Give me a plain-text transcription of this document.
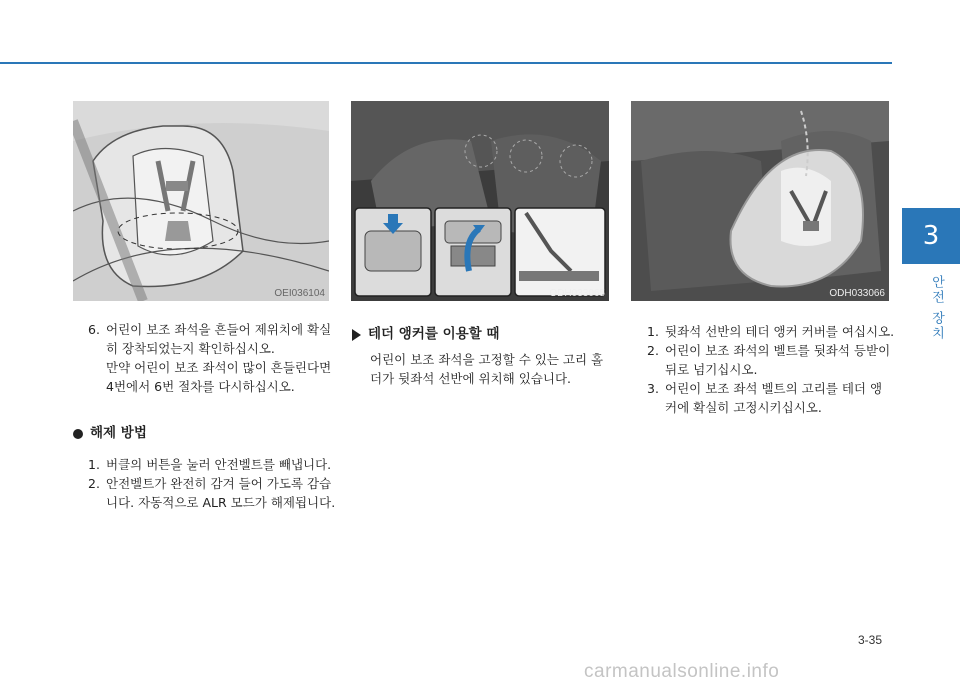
3
안전 장치
OEI036104	ODH033065	ODH033066
6. 어린이 보조 좌석을 흔들어 제위치에 확실
히 장착되었는지 확인하십시오.
만약 어린이 보조 좌석이 많이 흔들린다면
4번에서 6번 절차를 다시하십시오.
해제 방법
1. 버클의 버튼을 눌러 안전벨트를 빼냅니다.
2. 안전벨트가 완전히 감겨 들어 가도록 감습
니다. 자동적으로 ALR 모드가 해제됩니다.
테더 앵커를 이용할 때
어린이 보조 좌석을 고정할 수 있는 고리 홀
더가 뒷좌석 선반에 위치해 있습니다.
1. 뒷좌석 선반의 테더 앵커 커버를 여십시오.
2. 어린이 보조 좌석의 벨트를 뒷좌석 등받이
뒤로 넘기십시오.
3. 어린이 보조 좌석 벨트의 고리를 테더 앵
커에 확실히 고정시키십시오.
3-35
carmanualsonline.info
